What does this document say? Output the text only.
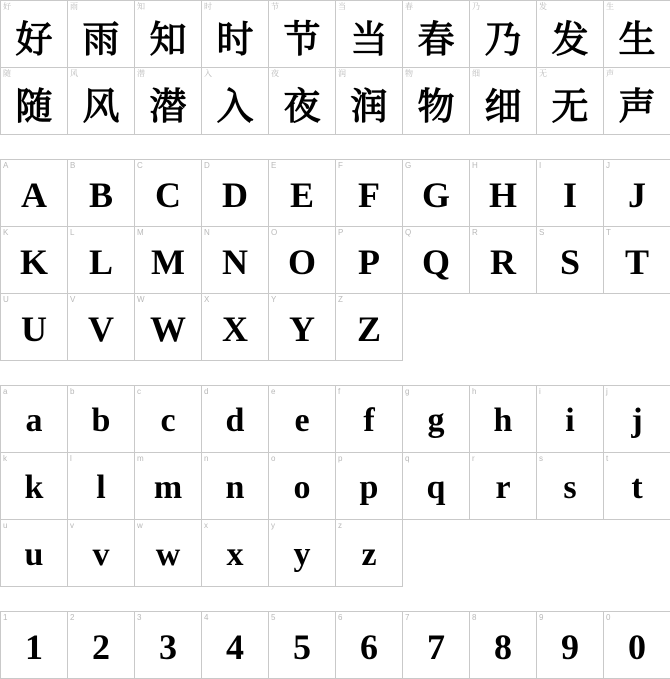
好
好
雨
雨
知
知
时
时
节
节
当
当
春
春
乃
乃
发
发
生
生
随
随
风
风
潜
潜
入
入
夜
夜
润
润
物
物
细
细
无
无
声
声
A
A
B
B
C
C
D
D
E
E
F
F
G
G
H
H
I
I
J
J
K
K
L
L
M
M
N
N
O
O
P
P
Q
Q
R
R
S
S
T
T
U
U
V
V
W
W
X
X
Y
Y
Z
Z
a
a
b
b
c
c
d
d
e
e
f
f
g
g
h
h
i
i
j
j
k
k
l
l
m
m
n
n
o
o
p
p
q
q
r
r
s
s
t
t
u
u
v
v
w
w
x
x
y
y
z
z
1
1
2
2
3
3
4
4
5
5
6
6
7
7
8
8
9
9
0
0
